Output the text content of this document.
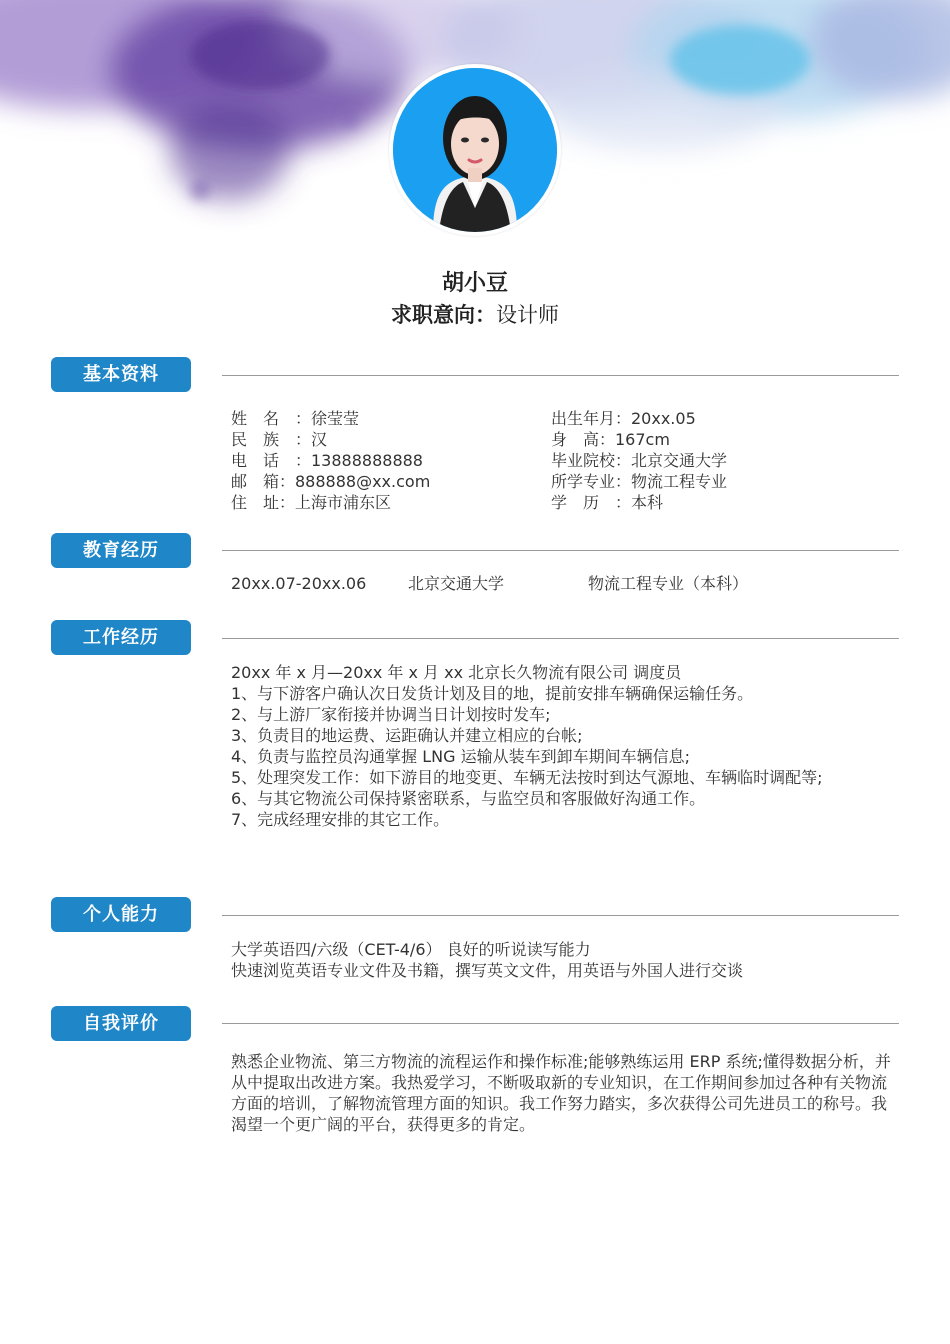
胡小豆
求职意向：设计师
基本资料
姓　名　：徐莹莹
民　族　：汉
电　话　：13888888888
邮　箱：888888@xx.com
住　址：上海市浦东区
出生年月：20xx.05
身　高：167cm
毕业院校：北京交通大学
所学专业：物流工程专业
学　历　：本科
教育经历
20xx.07-20xx.06	北京交通大学	物流工程专业（本科）
工作经历
20xx 年 x 月—20xx 年 x 月 xx 北京长久物流有限公司 调度员
1、与下游客户确认次日发货计划及目的地，提前安排车辆确保运输任务。
2、与上游厂家衔接并协调当日计划按时发车;
3、负责目的地运费、运距确认并建立相应的台帐;
4、负责与监控员沟通掌握 LNG 运输从装车到卸车期间车辆信息;
5、处理突发工作：如下游目的地变更、车辆无法按时到达气源地、车辆临时调配等;
6、与其它物流公司保持紧密联系，与监空员和客服做好沟通工作。
7、完成经理安排的其它工作。
个人能力
大学英语四/六级（CET-4/6） 良好的听说读写能力
快速浏览英语专业文件及书籍，撰写英文文件，用英语与外国人进行交谈
自我评价
熟悉企业物流、第三方物流的流程运作和操作标准;能够熟练运用 ERP 系统;懂得数据分析，并从中提取出改进方案。我热爱学习，不断吸取新的专业知识，在工作期间参加过各种有关物流方面的培训，了解物流管理方面的知识。我工作努力踏实，多次获得公司先进员工的称号。我渴望一个更广阔的平台，获得更多的肯定。
